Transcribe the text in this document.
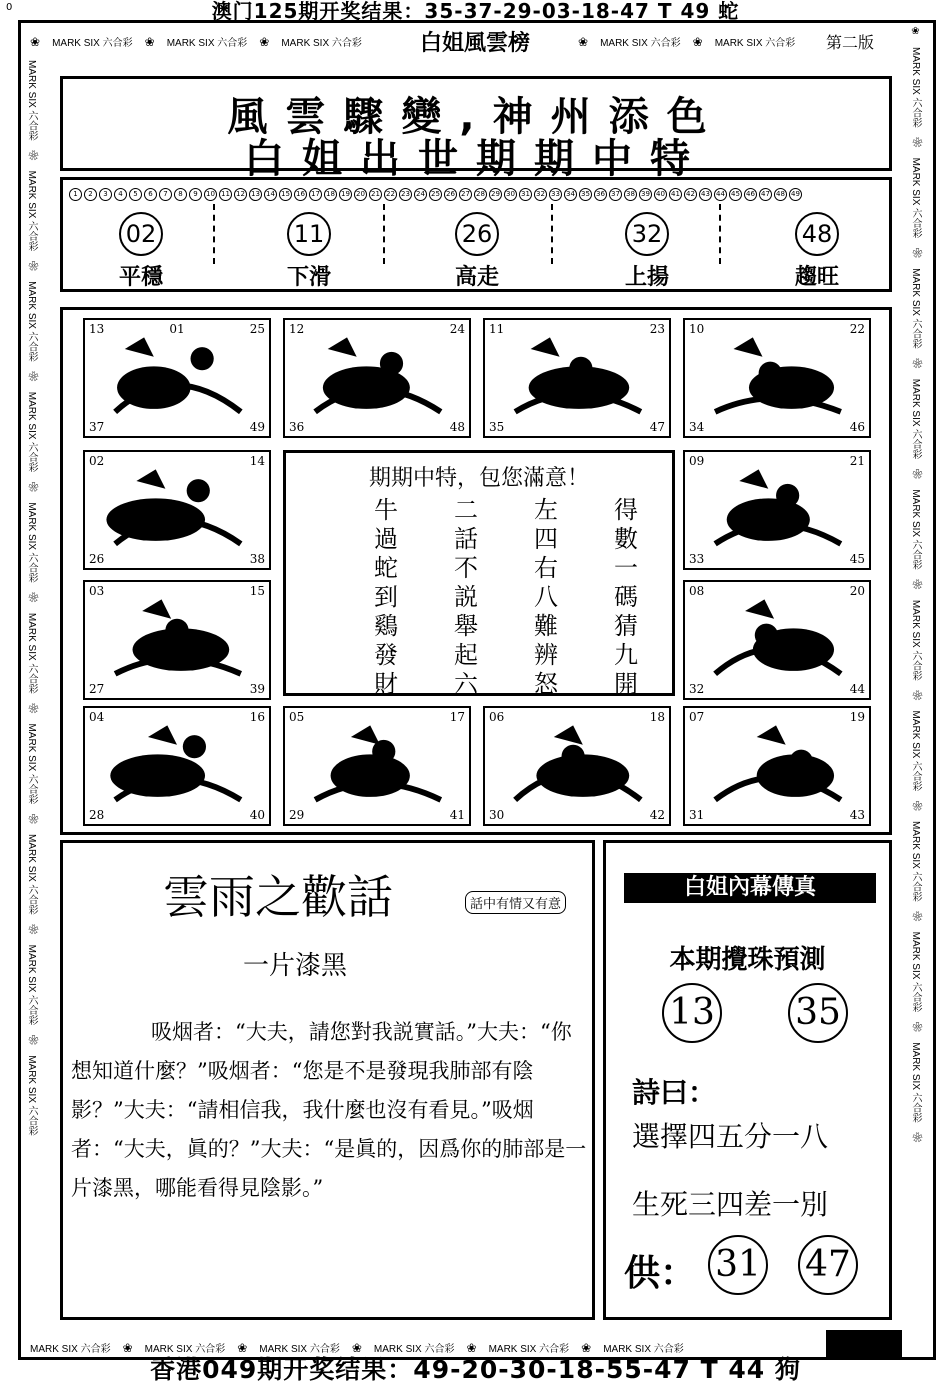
0	澳门125期开奖结果：35-37-29-03-18-47 T 49 蛇
❀ MARK SIX 六合彩 ❀ MARK SIX 六合彩 ❀ MARK SIX 六合彩	❀ MARK SIX 六合彩 ❀ MARK SIX 六合彩
MARK SIX 六合彩 ❀ MARK SIX 六合彩 ❀ MARK SIX 六合彩 ❀ MARK SIX 六合彩 ❀ MARK SIX 六合彩 ❀ MARK SIX 六合彩
MARK SIX 六合彩　❀　MARK SIX 六合彩　❀　MARK SIX 六合彩　❀　MARK SIX 六合彩　❀　MARK SIX 六合彩　❀　MARK SIX 六合彩　❀　MARK SIX 六合彩　❀　MARK SIX 六合彩　❀　MARK SIX 六合彩　❀　MARK SIX 六合彩
❀　MARK SIX 六合彩　❀　MARK SIX 六合彩　❀　MARK SIX 六合彩　❀　MARK SIX 六合彩　❀　MARK SIX 六合彩　❀　MARK SIX 六合彩　❀　MARK SIX 六合彩　❀　MARK SIX 六合彩　❀　MARK SIX 六合彩　❀　MARK SIX 六合彩　❀
白姐風雲榜	第二版
風雲驟變,神州添色
白姐出世期期中特
1	2	3	4	5	6	7	8	9	10 11 12 13 14 15 16 17 18 19 20 21 22 23 24 25 26 27 28 29 30 31 32 33 34 35 36 37 38 39 40 41 42 43 44 45 46 47 48 49
02
平穩
11
下滑
26
高走
32
上揚
48
趨旺
期期中特，包您滿意！
牛	二	左	得
過	話	四	數
蛇	不	右	一
到	説	八	碼
鷄	舉	難	猜
發	起	辨	九
財	六	怒	開
13	01	25
37	49
12	24
36	48
11	23
35	47
10	22
34	46
02	14
26	38
09	21
33	45
03	15
27	39
08	20
32	44
04	16
28	40
05	17
29	41
06	18
30	42
07	19
31	43
雲雨之歡話	話中有情又有意
一片漆黑
吸烟者：“大夫，請您對我説實話。”大夫：“你想知道什麼？”吸烟者：“您是不是發現我肺部有陰影？”大夫：“請相信我，我什麼也沒有看見。”吸烟者：“大夫，眞的？”大夫：“是眞的，因爲你的肺部是一片漆黑，哪能看得見陰影。”
白姐內幕傳真
本期攪珠預測
13 35
詩曰：
選擇四五分一八
生死三四差一別
供： 31 47
香港049期开奖结果：49-20-30-18-55-47 T 44 狗
